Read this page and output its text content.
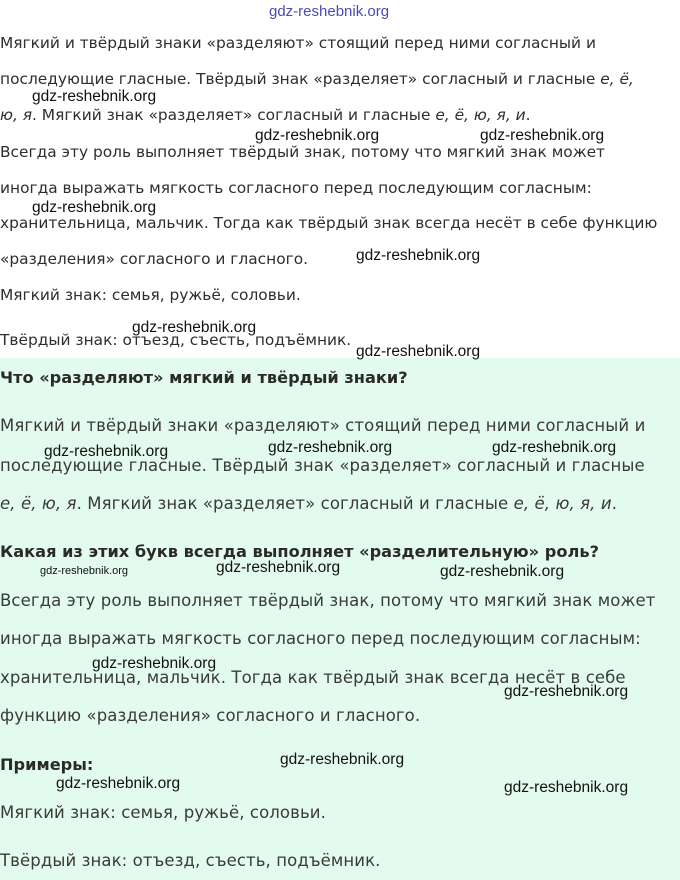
Мягкий и твёрдый знаки «разделяют» стоящий перед ними согласный и
последующие гласные. Твёрдый знак «разделяет» согласный и гласные е, ё,
ю, я. Мягкий знак «разделяет» согласный и гласные е, ё, ю, я, и.
Всегда эту роль выполняет твёрдый знак, потому что мягкий знак может
иногда выражать мягкость согласного перед последующим согласным:
хранительница, мальчик. Тогда как твёрдый знак всегда несёт в себе функцию
«разделения» согласного и гласного.
Мягкий знак: семья, ружьё, соловьи.
Твёрдый знак: отъезд, съесть, подъёмник.
Что «разделяют» мягкий и твёрдый знаки?
Мягкий и твёрдый знаки «разделяют» стоящий перед ними согласный и
последующие гласные. Твёрдый знак «разделяет» согласный и гласные
е, ё, ю, я. Мягкий знак «разделяет» согласный и гласные е, ё, ю, я, и.
Какая из этих букв всегда выполняет «разделительную» роль?
Всегда эту роль выполняет твёрдый знак, потому что мягкий знак может
иногда выражать мягкость согласного перед последующим согласным:
хранительница, мальчик. Тогда как твёрдый знак всегда несёт в себе
функцию «разделения» согласного и гласного.
Примеры:
Мягкий знак: семья, ружьё, соловьи.
Твёрдый знак: отъезд, съесть, подъёмник.
gdz-reshebnik.org
gdz-reshebnik.org
gdz-reshebnik.org	gdz-reshebnik.org
gdz-reshebnik.org
gdz-reshebnik.org
gdz-reshebnik.org
gdz-reshebnik.org
gdz-reshebnik.org	gdz-reshebnik.org	gdz-reshebnik.org
gdz-reshebnik.org	gdz-reshebnik.org	gdz-reshebnik.org
gdz-reshebnik.org
gdz-reshebnik.org
gdz-reshebnik.org
gdz-reshebnik.org	gdz-reshebnik.org
